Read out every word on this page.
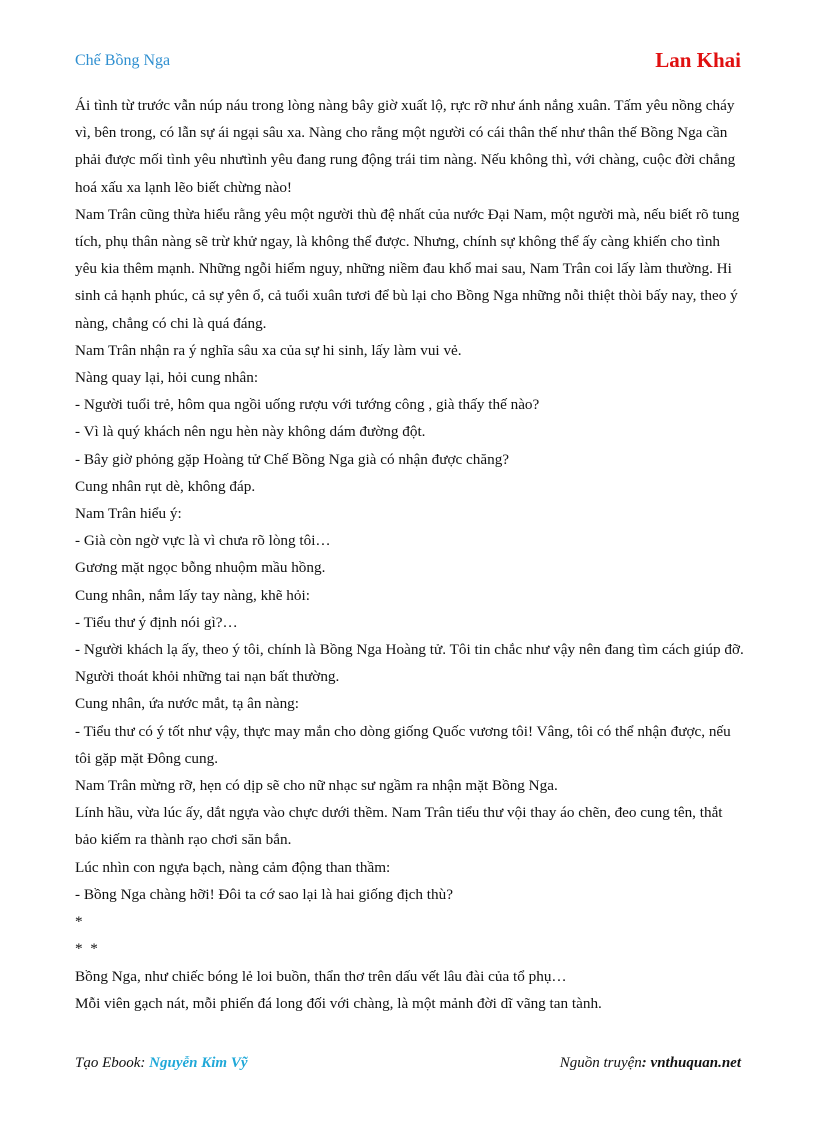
Chế Bồng Nga	Lan Khai

Ái tình từ trước vẫn núp náu trong lòng nàng bây giờ xuất lộ, rực rỡ như ánh nắng xuân. Tấm yêu nồng cháy vì, bên trong, có lẫn sự ái ngại sâu xa. Nàng cho rằng một người có cái thân thế như thân thế Bồng Nga cần phải được mối tình yêu nhưtình yêu đang rung động trái tim nàng. Nếu không thì, với chàng, cuộc đời chẳng hoá xấu xa lạnh lẽo biết chừng nào!

Nam Trân cũng thừa hiểu rằng yêu một người thù đệ nhất của nước Đại Nam, một người mà, nếu biết rõ tung tích, phụ thân nàng sẽ trừ khử ngay, là không thể được. Nhưng, chính sự không thể ấy càng khiến cho tình yêu kia thêm mạnh. Những ngỗi hiểm nguy, những niềm đau khổ mai sau, Nam Trân coi lấy làm thường. Hi sinh cả hạnh phúc, cả sự yên ổ, cả tuổi xuân tươi để bù lại cho Bồng Nga những nỗi thiệt thòi bấy nay, theo ý nàng, chẳng có chi là quá đáng.

Nam Trân nhận ra ý nghĩa sâu xa của sự hi sinh, lấy làm vui vẻ.

Nàng quay lại, hỏi cung nhân:

- Người tuổi trẻ, hôm qua ngồi uống rượu với tướng công , già thấy thế nào?

- Vì là quý khách nên ngu hèn này không dám đường đột.

- Bây giờ phỏng gặp Hoàng tử Chế Bồng Nga già có nhận được chăng?

Cung nhân rụt dè, không đáp.

Nam Trân hiểu ý:

- Già còn ngờ vực là vì chưa rõ lòng tôi…

Gương mặt ngọc bỗng nhuộm mầu hồng.

Cung nhân, nắm lấy tay nàng, khẽ hỏi:

- Tiểu thư ý định nói gì?…

- Người khách lạ ấy, theo ý tôi, chính là Bồng Nga Hoàng tử. Tôi tin chắc như vậy nên đang tìm cách giúp đỡ. Người thoát khỏi những tai nạn bất thường.

Cung nhân, ứa nước mắt, tạ ân nàng:

- Tiểu thư có ý tốt như vậy, thực may mắn cho dòng giống Quốc vương tôi! Vâng, tôi có thể nhận được, nếu tôi gặp mặt Đông cung.

Nam Trân mừng rỡ, hẹn có dịp sẽ cho nữ nhạc sư ngầm ra nhận mặt Bồng Nga.

Lính hầu, vừa lúc ấy, dắt ngựa vào chực dưới thềm. Nam Trân tiểu thư vội thay áo chẽn, đeo cung tên, thắt bảo kiếm ra thành rạo chơi săn bắn.

Lúc nhìn con ngựa bạch, nàng cảm động than thầm:

- Bồng Nga chàng hỡi! Đôi ta cớ sao lại là hai giống địch thù?

*

*  *

Bồng Nga, như chiếc bóng lẻ loi buồn, thẩn thơ trên dấu vết lâu đài của tổ phụ…

Mỗi viên gạch nát, mỗi phiến đá long đối với chàng, là một mảnh đời dĩ vãng tan tành.

Tạo Ebook: Nguyễn Kim Vỹ	Nguồn truyện: vnthuquan.net
